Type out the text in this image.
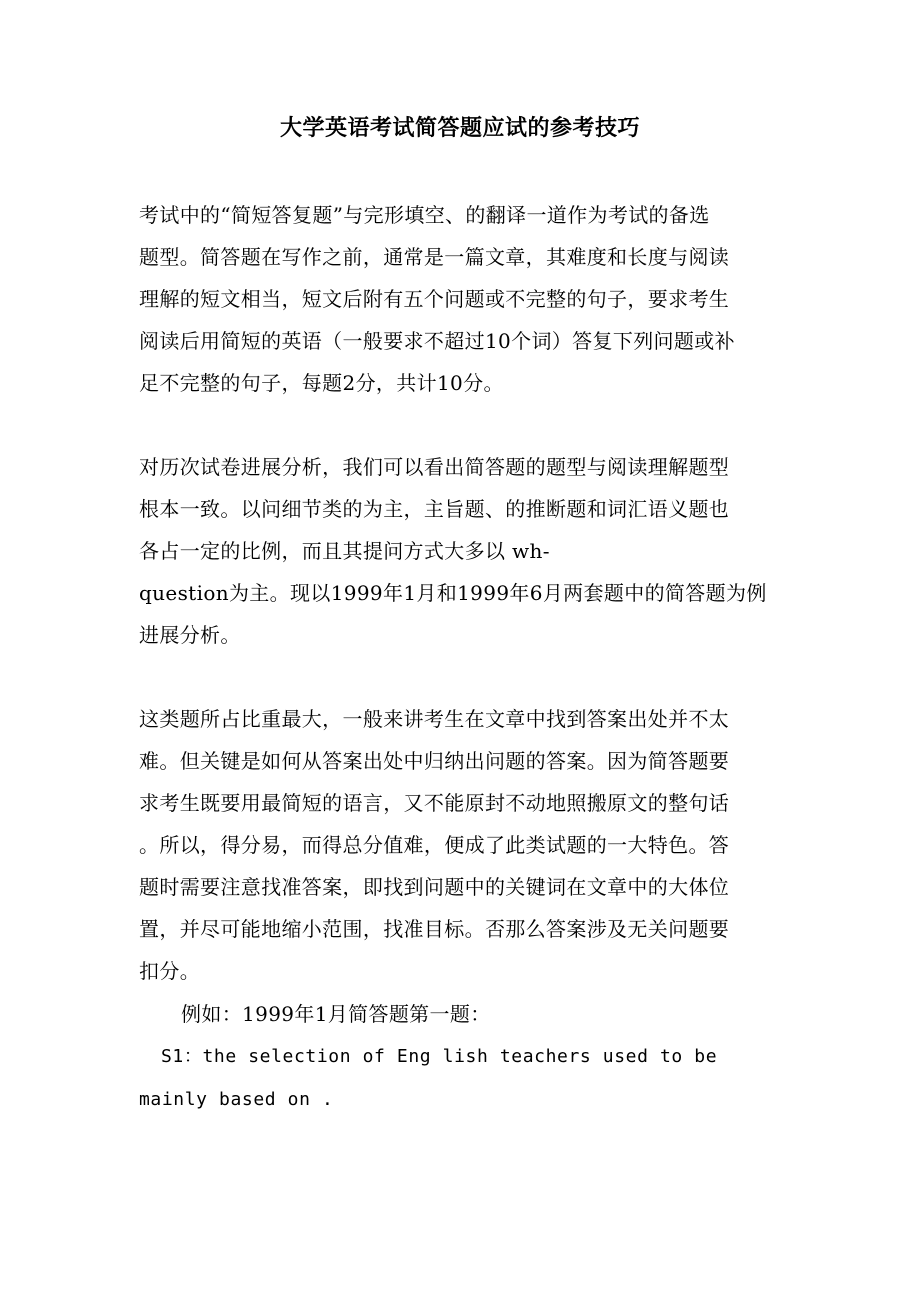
大学英语考试简答题应试的参考技巧
考试中的“简短答复题”与完形填空、的翻译一道作为考试的备选
题型。简答题在写作之前，通常是一篇文章，其难度和长度与阅读
理解的短文相当，短文后附有五个问题或不完整的句子，要求考生
阅读后用简短的英语（一般要求不超过10个词）答复下列问题或补
足不完整的句子，每题2分，共计10分。
对历次试卷进展分析，我们可以看出简答题的题型与阅读理解题型
根本一致。以问细节类的为主，主旨题、的推断题和词汇语义题也
各占一定的比例，而且其提问方式大多以 wh-
question为主。现以1999年1月和1999年6月两套题中的简答题为例
进展分析。
这类题所占比重最大，一般来讲考生在文章中找到答案出处并不太
难。但关键是如何从答案出处中归纳出问题的答案。因为简答题要
求考生既要用最简短的语言，又不能原封不动地照搬原文的整句话
。所以，得分易，而得总分值难，便成了此类试题的一大特色。答
题时需要注意找准答案，即找到问题中的关键词在文章中的大体位
置，并尽可能地缩小范围，找准目标。否那么答案涉及无关问题要
扣分。
例如：1999年1月简答题第一题：
S1：the selection of Eng lish teachers used to be
mainly based on .
